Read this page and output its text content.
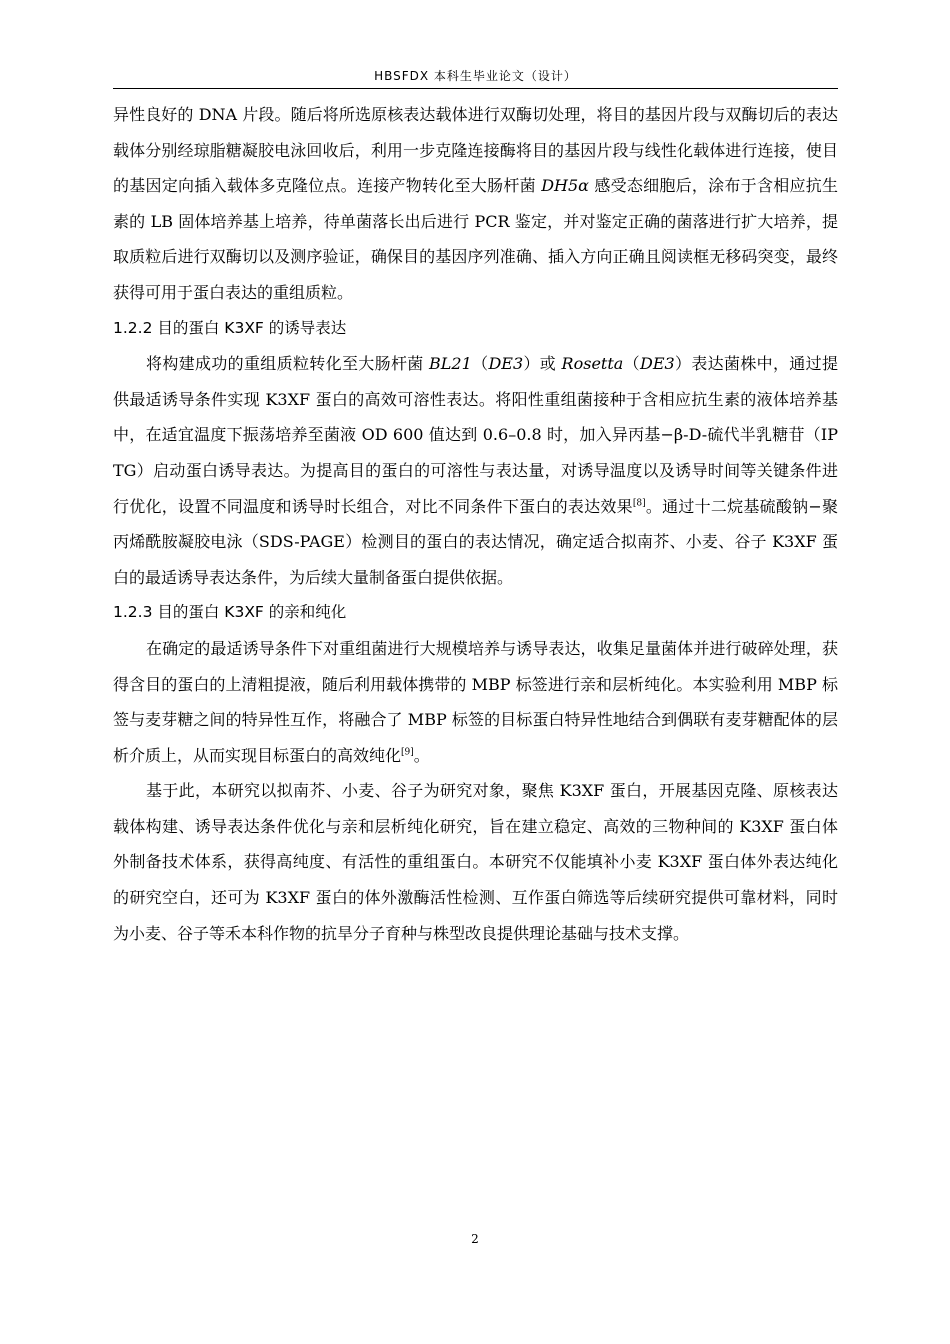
HBSFDX 本科生毕业论文（设计）

异性良好的 DNA 片段。随后将所选原核表达载体进行双酶切处理，将目的基因片段与双酶切后的表达载体分别经琼脂糖凝胶电泳回收后，利用一步克隆连接酶将目的基因片段与线性化载体进行连接，使目的基因定向插入载体多克隆位点。连接产物转化至大肠杆菌 DH5α 感受态细胞后，涂布于含相应抗生素的 LB 固体培养基上培养，待单菌落长出后进行 PCR 鉴定，并对鉴定正确的菌落进行扩大培养，提取质粒后进行双酶切以及测序验证，确保目的基因序列准确、插入方向正确且阅读框无移码突变，最终获得可用于蛋白表达的重组质粒。

1.2.2 目的蛋白 K3XF 的诱导表达

将构建成功的重组质粒转化至大肠杆菌 BL21（DE3）或 Rosetta（DE3）表达菌株中，通过提供最适诱导条件实现 K3XF 蛋白的高效可溶性表达。将阳性重组菌接种于含相应抗生素的液体培养基中，在适宜温度下振荡培养至菌液 OD 600 值达到 0.6–0.8 时，加入异丙基−β-D-硫代半乳糖苷（IPTG）启动蛋白诱导表达。为提高目的蛋白的可溶性与表达量，对诱导温度以及诱导时间等关键条件进行优化，设置不同温度和诱导时长组合，对比不同条件下蛋白的表达效果[8]。通过十二烷基硫酸钠−聚丙烯酰胺凝胶电泳（SDS-PAGE）检测目的蛋白的表达情况，确定适合拟南芥、小麦、谷子 K3XF 蛋白的最适诱导表达条件，为后续大量制备蛋白提供依据。

1.2.3 目的蛋白 K3XF 的亲和纯化

在确定的最适诱导条件下对重组菌进行大规模培养与诱导表达，收集足量菌体并进行破碎处理，获得含目的蛋白的上清粗提液，随后利用载体携带的 MBP 标签进行亲和层析纯化。本实验利用 MBP 标签与麦芽糖之间的特异性互作，将融合了 MBP 标签的目标蛋白特异性地结合到偶联有麦芽糖配体的层析介质上，从而实现目标蛋白的高效纯化[9]。

基于此，本研究以拟南芥、小麦、谷子为研究对象，聚焦 K3XF 蛋白，开展基因克隆、原核表达载体构建、诱导表达条件优化与亲和层析纯化研究，旨在建立稳定、高效的三物种间的 K3XF 蛋白体外制备技术体系，获得高纯度、有活性的重组蛋白。本研究不仅能填补小麦 K3XF 蛋白体外表达纯化的研究空白，还可为 K3XF 蛋白的体外激酶活性检测、互作蛋白筛选等后续研究提供可靠材料，同时为小麦、谷子等禾本科作物的抗旱分子育种与株型改良提供理论基础与技术支撑。

2
